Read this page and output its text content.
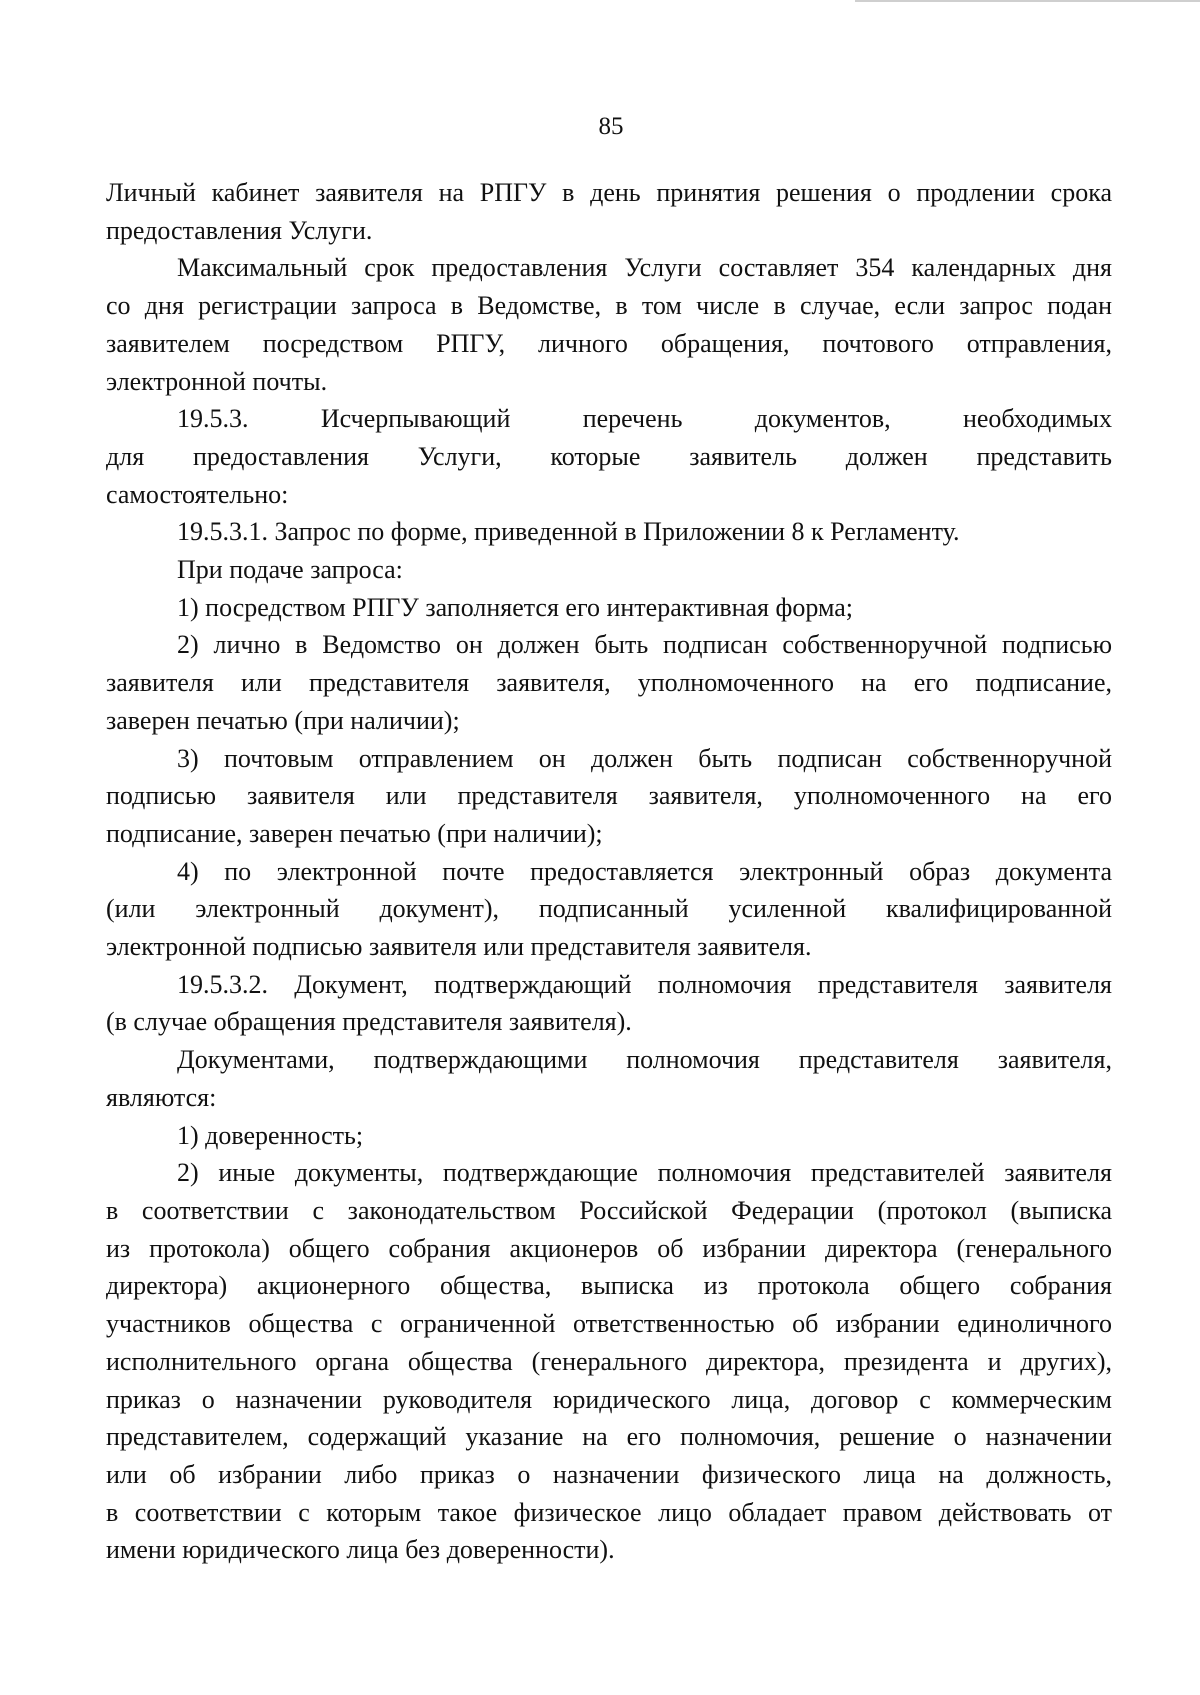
85

Личный кабинет заявителя на РПГУ в день принятия решения о продлении срока
предоставления Услуги.

Максимальный срок предоставления Услуги составляет 354 календарных дня
со дня регистрации запроса в Ведомстве, в том числе в случае, если запрос подан
заявителем посредством РПГУ, личного обращения, почтового отправления,
электронной почты.

19.5.3. Исчерпывающий перечень документов, необходимых
для предоставления Услуги, которые заявитель должен представить
самостоятельно:

19.5.3.1. Запрос по форме, приведенной в Приложении 8 к Регламенту.

При подаче запроса:

1) посредством РПГУ заполняется его интерактивная форма;

2) лично в Ведомство он должен быть подписан собственноручной подписью
заявителя или представителя заявителя, уполномоченного на его подписание,
заверен печатью (при наличии);

3) почтовым отправлением он должен быть подписан собственноручной
подписью заявителя или представителя заявителя, уполномоченного на его
подписание, заверен печатью (при наличии);

4) по электронной почте предоставляется электронный образ документа
(или электронный документ), подписанный усиленной квалифицированной
электронной подписью заявителя или представителя заявителя.

19.5.3.2. Документ, подтверждающий полномочия представителя заявителя
(в случае обращения представителя заявителя).

Документами, подтверждающими полномочия представителя заявителя,
являются:

1) доверенность;

2) иные документы, подтверждающие полномочия представителей заявителя
в соответствии с законодательством Российской Федерации (протокол (выписка
из протокола) общего собрания акционеров об избрании директора (генерального
директора) акционерного общества, выписка из протокола общего собрания
участников общества с ограниченной ответственностью об избрании единоличного
исполнительного органа общества (генерального директора, президента и других),
приказ о назначении руководителя юридического лица, договор с коммерческим
представителем, содержащий указание на его полномочия, решение о назначении
или об избрании либо приказ о назначении физического лица на должность,
в соответствии с которым такое физическое лицо обладает правом действовать от
имени юридического лица без доверенности).
